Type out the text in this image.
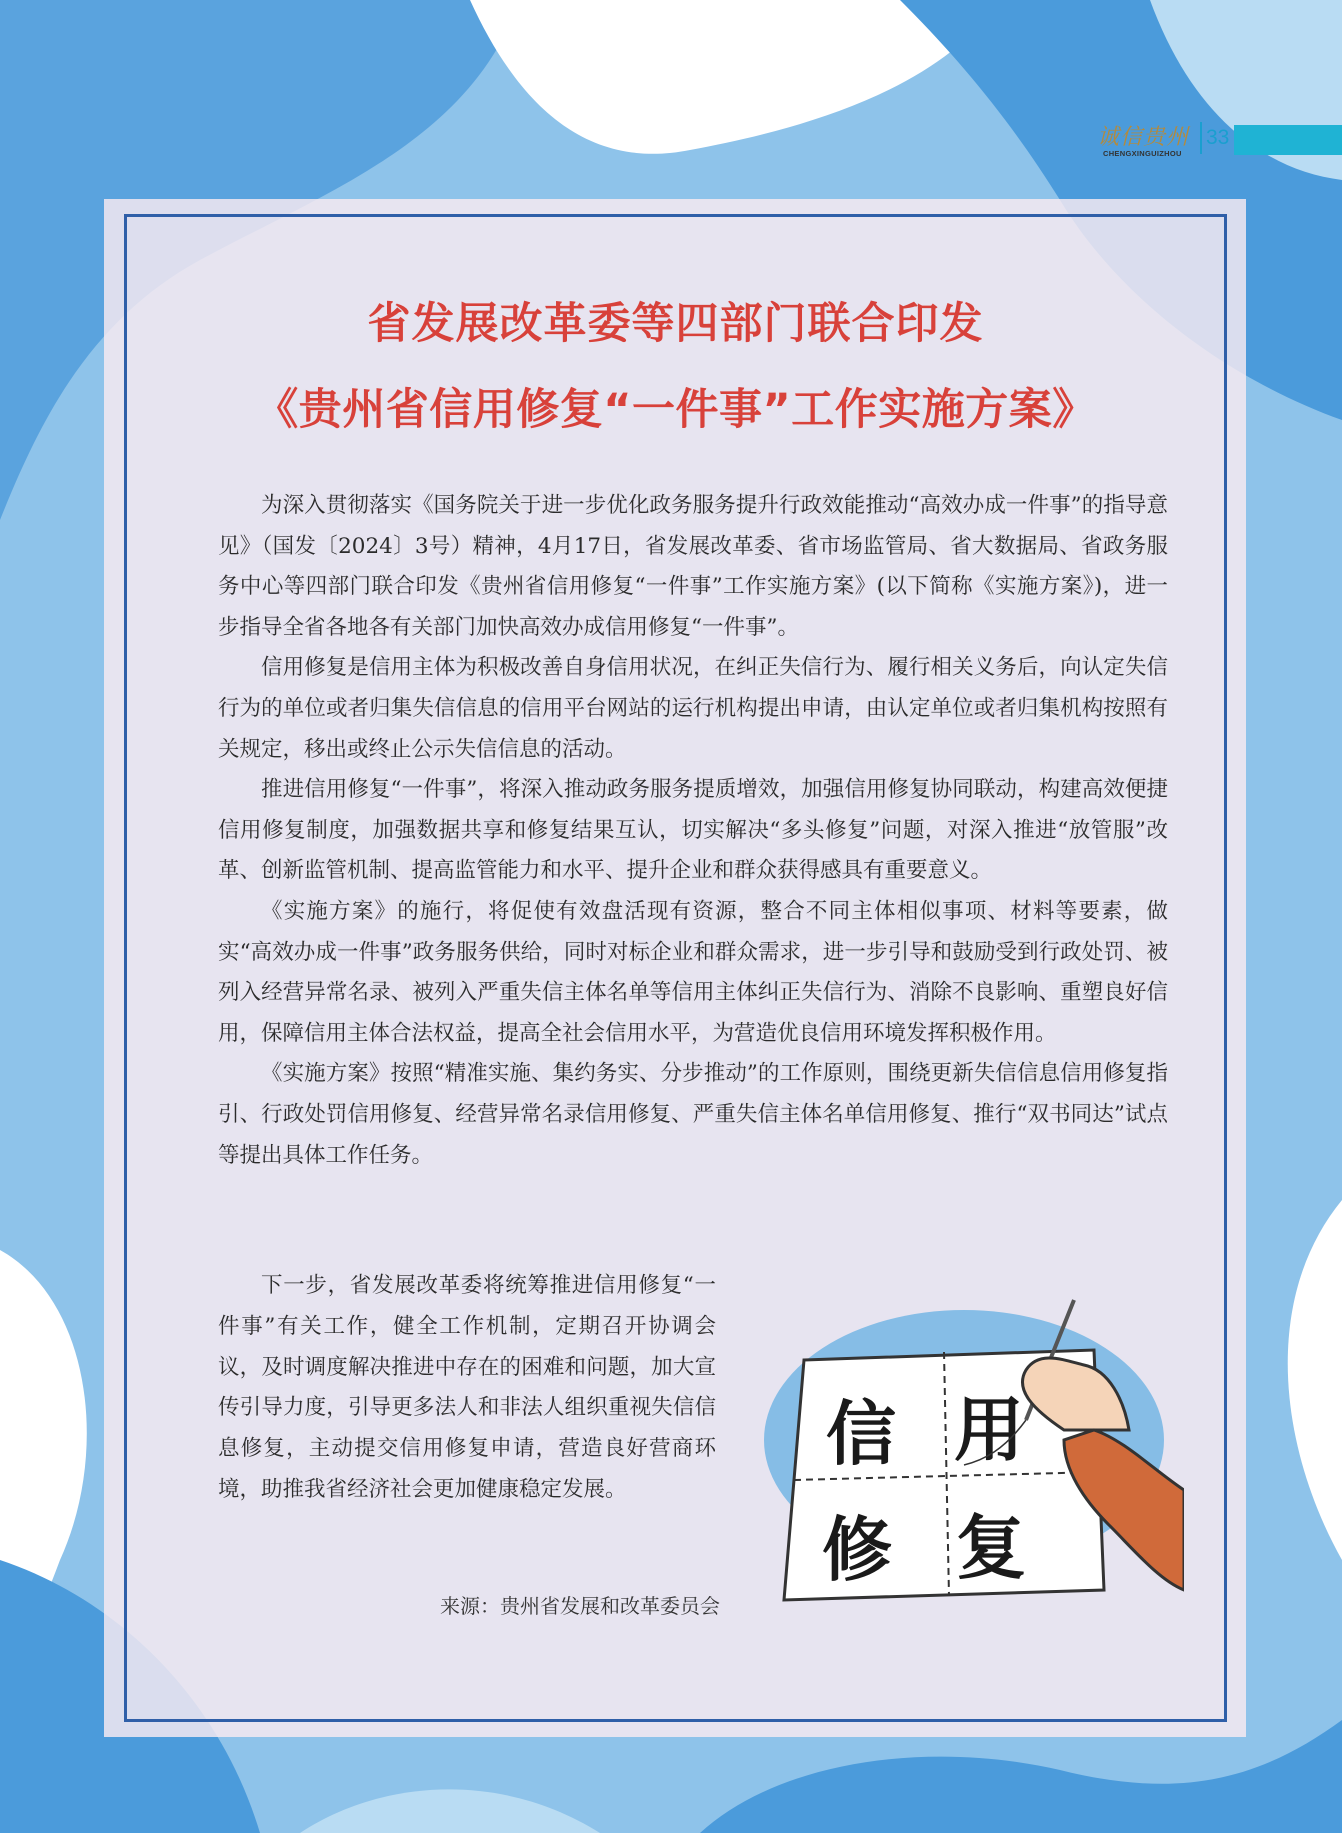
诚信贵州
CHENGXINGUIZHOU
33
省发展改革委等四部门联合印发
《贵州省信用修复“一件事”工作实施方案》

为深入贯彻落实《国务院关于进一步优化政务服务提升行政效能推动“高效办成一件事”的指导意见》（国发〔2024〕3号）精神，4月17日，省发展改革委、省市场监管局、省大数据局、省政务服务中心等四部门联合印发《贵州省信用修复“一件事”工作实施方案》(以下简称《实施方案》)，进一步指导全省各地各有关部门加快高效办成信用修复“一件事”。

信用修复是信用主体为积极改善自身信用状况，在纠正失信行为、履行相关义务后，向认定失信行为的单位或者归集失信信息的信用平台网站的运行机构提出申请，由认定单位或者归集机构按照有关规定，移出或终止公示失信信息的活动。

推进信用修复“一件事”，将深入推动政务服务提质增效，加强信用修复协同联动，构建高效便捷信用修复制度，加强数据共享和修复结果互认，切实解决“多头修复”问题，对深入推进“放管服”改革、创新监管机制、提高监管能力和水平、提升企业和群众获得感具有重要意义。

《实施方案》的施行，将促使有效盘活现有资源，整合不同主体相似事项、材料等要素，做实“高效办成一件事”政务服务供给，同时对标企业和群众需求，进一步引导和鼓励受到行政处罚、被列入经营异常名录、被列入严重失信主体名单等信用主体纠正失信行为、消除不良影响、重塑良好信用，保障信用主体合法权益，提高全社会信用水平，为营造优良信用环境发挥积极作用。

《实施方案》按照“精准实施、集约务实、分步推动”的工作原则，围绕更新失信信息信用修复指引、行政处罚信用修复、经营异常名录信用修复、严重失信主体名单信用修复、推行“双书同达”试点等提出具体工作任务。

下一步，省发展改革委将统筹推进信用修复“一件事”有关工作，健全工作机制，定期召开协调会议，及时调度解决推进中存在的困难和问题，加大宣传引导力度，引导更多法人和非法人组织重视失信信息修复，主动提交信用修复申请，营造良好营商环境，助推我省经济社会更加健康稳定发展。

来源：贵州省发展和改革委员会
信 用
修 复
